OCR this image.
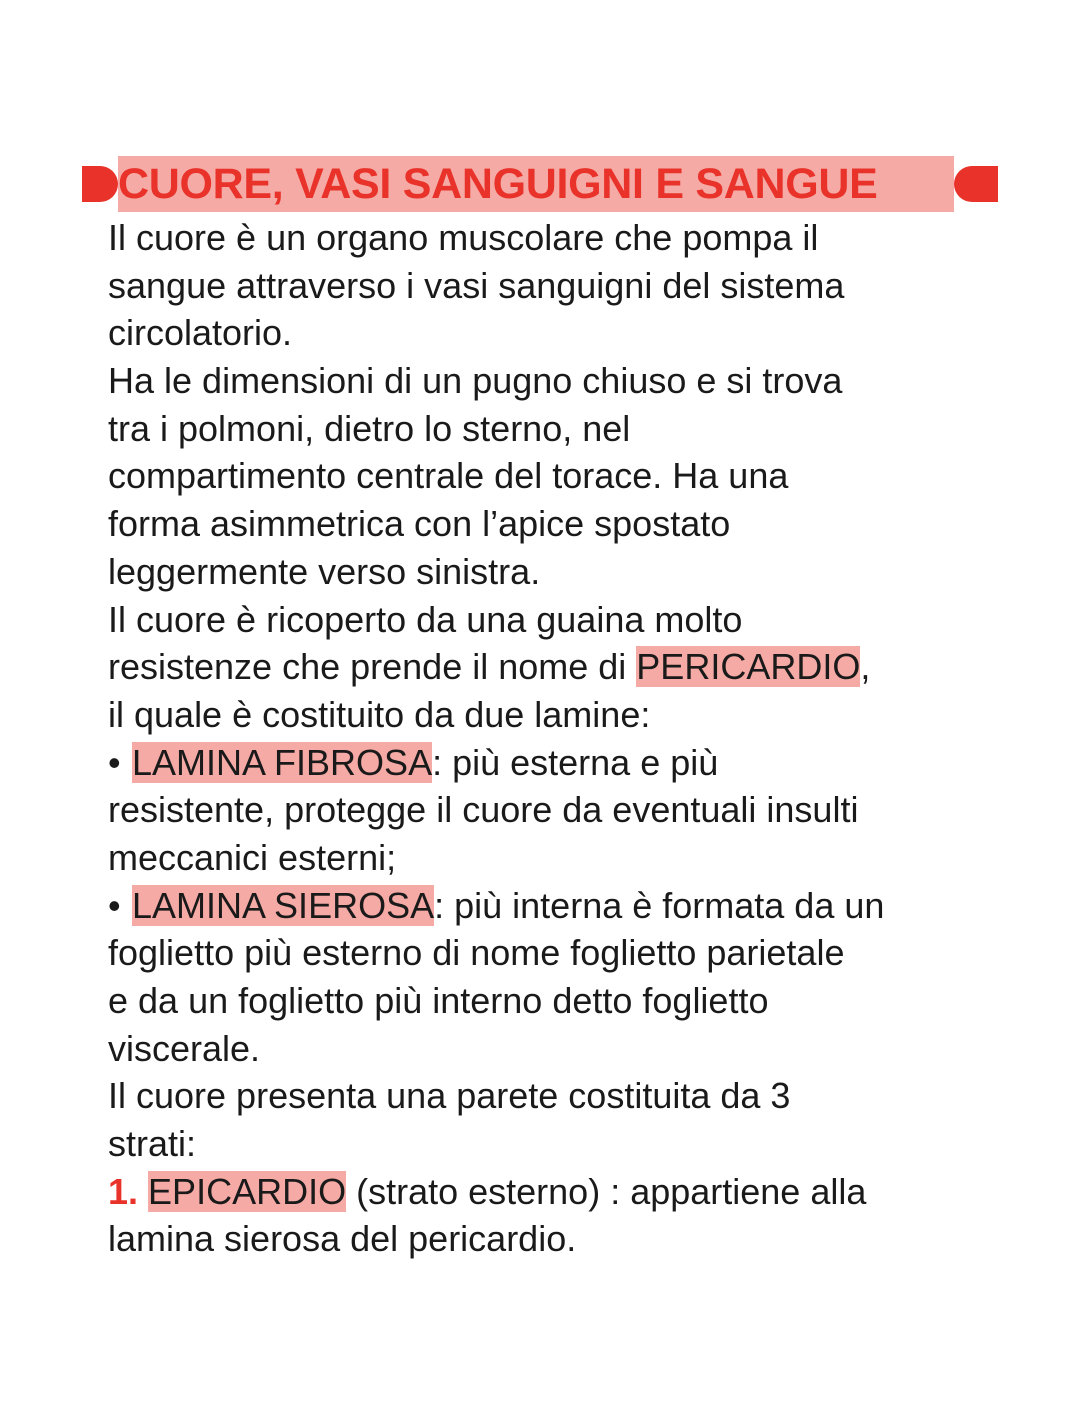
CUORE, VASI SANGUIGNI E SANGUE
Il cuore è un organo muscolare che pompa il
sangue attraverso i vasi sanguigni del sistema
circolatorio.
Ha le dimensioni di un pugno chiuso e si trova
tra i polmoni, dietro lo sterno, nel
compartimento centrale del torace. Ha una
forma asimmetrica con l’apice spostato
leggermente verso sinistra.
Il cuore è ricoperto da una guaina molto
resistenze che prende il nome di PERICARDIO,
il quale è costituito da due lamine:
• LAMINA FIBROSA: più esterna e più
resistente, protegge il cuore da eventuali insulti
meccanici esterni;
• LAMINA SIEROSA: più interna è formata da un
foglietto più esterno di nome foglietto parietale
e da un foglietto più interno detto foglietto
viscerale.
Il cuore presenta una parete costituita da 3
strati:
1. EPICARDIO (strato esterno) : appartiene alla
lamina sierosa del pericardio.
